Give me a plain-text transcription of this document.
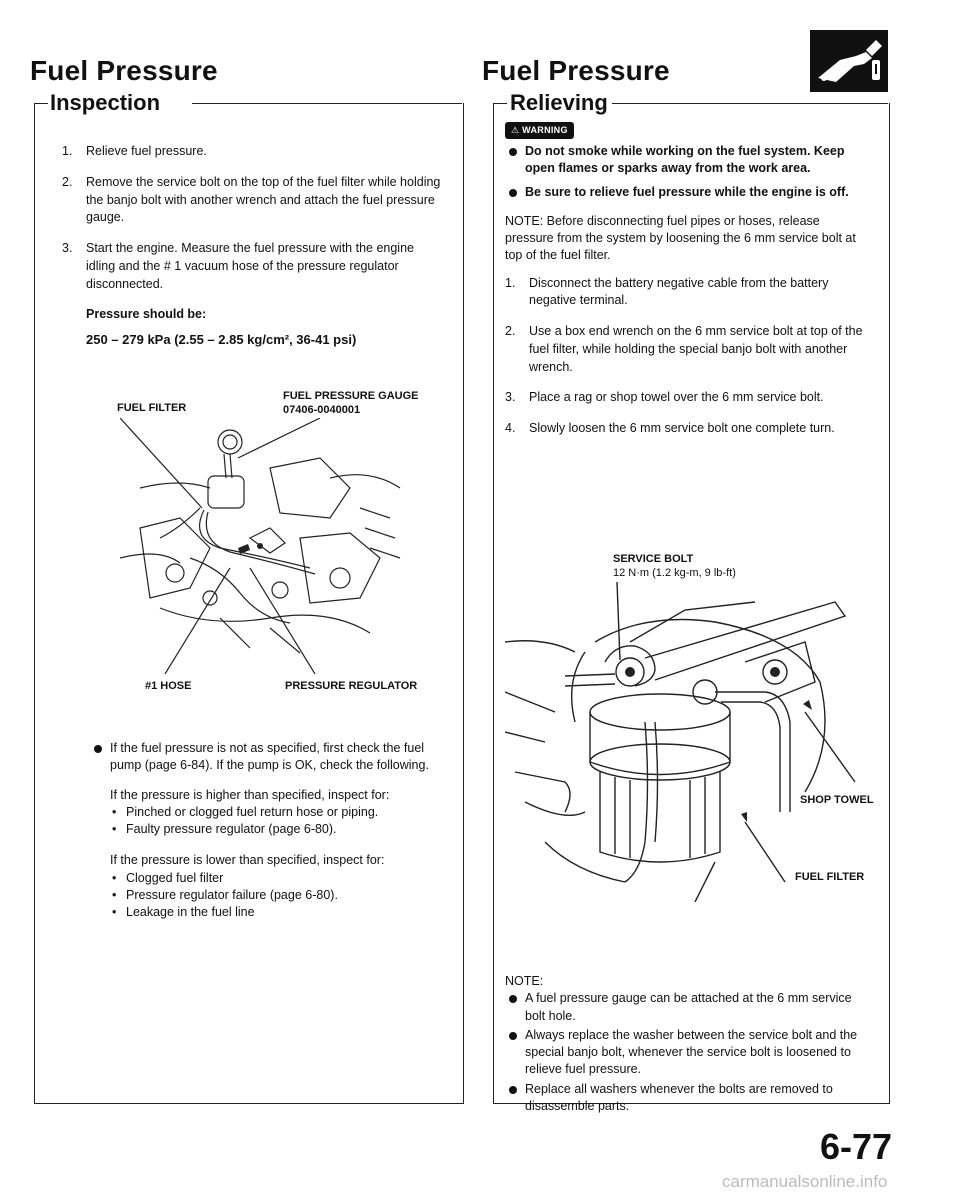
Fuel Pressure
Inspection
1. Relieve fuel pressure.
2. Remove the service bolt on the top of the fuel filter while holding the banjo bolt with another wrench and attach the fuel pressure gauge.
3. Start the engine. Measure the fuel pressure with the engine idling and the # 1 vacuum hose of the pressure regulator disconnected.
Pressure should be:
250 – 279 kPa (2.55 – 2.85 kg/cm², 36-41 psi)
FUEL PRESSURE GAUGE
07406-0040001
FUEL FILTER
#1 HOSE	PRESSURE REGULATOR
If the fuel pressure is not as specified, first check the fuel pump (page 6-84). If the pump is OK, check the following.
If the pressure is higher than specified, inspect for:
• Pinched or clogged fuel return hose or piping.
• Faulty pressure regulator (page 6-80).
If the pressure is lower than specified, inspect for:
• Clogged fuel filter
• Pressure regulator failure (page 6-80).
• Leakage in the fuel line
Fuel Pressure
Relieving
⚠ WARNING
Do not smoke while working on the fuel system. Keep open flames or sparks away from the work area.
Be sure to relieve fuel pressure while the engine is off.
NOTE: Before disconnecting fuel pipes or hoses, release pressure from the system by loosening the 6 mm service bolt at top of the fuel filter.
1. Disconnect the battery negative cable from the battery negative terminal.
2. Use a box end wrench on the 6 mm service bolt at top of the fuel filter, while holding the special banjo bolt with another wrench.
3. Place a rag or shop towel over the 6 mm service bolt.
4. Slowly loosen the 6 mm service bolt one complete turn.
SERVICE BOLT
12 N·m (1.2 kg-m, 9 lb-ft)
SHOP TOWEL
FUEL FILTER
NOTE:
A fuel pressure gauge can be attached at the 6 mm service bolt hole.
Always replace the washer between the service bolt and the special banjo bolt, whenever the service bolt is loosened to relieve fuel pressure.
Replace all washers whenever the bolts are removed to disassemble parts.
6-77
carmanualsonline.info
